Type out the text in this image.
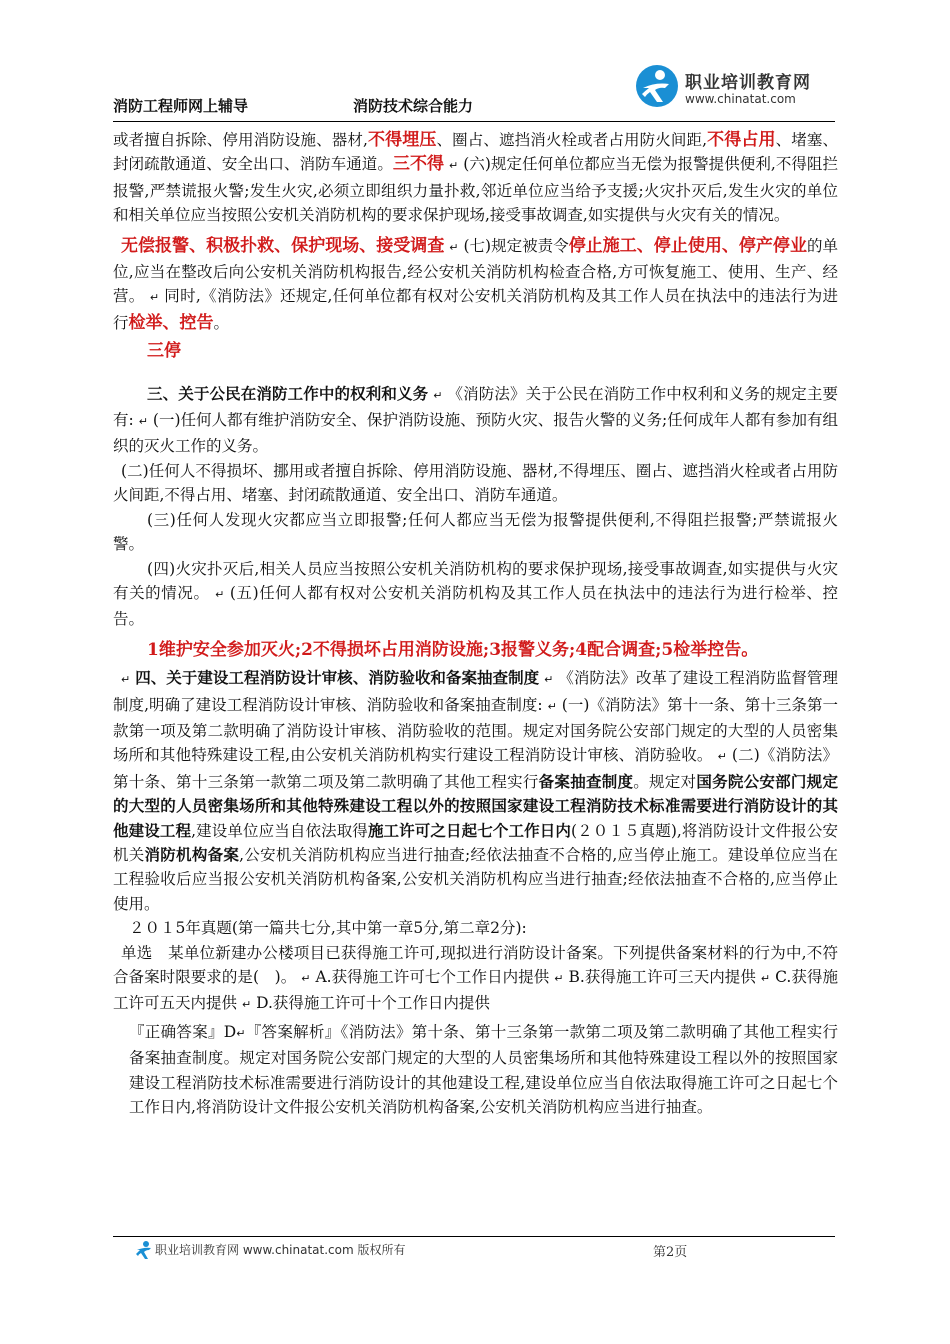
消防工程师网上辅导	消防技术综合能力
职业培训教育网
www.chinatat.com

或者擅自拆除、停用消防设施、器材,不得埋压、圈占、遮挡消火栓或者占用防火间距,不得占用、堵塞、封闭疏散通道、安全出口、消防车通道。三不得 ↵ (六)规定任何单位都应当无偿为报警提供便利,不得阻拦报警,严禁谎报火警;发生火灾,必须立即组织力量扑救,邻近单位应当给予支援;火灾扑灭后,发生火灾的单位和相关单位应当按照公安机关消防机构的要求保护现场,接受事故调查,如实提供与火灾有关的情况。

无偿报警、积极扑救、保护现场、接受调查 ↵ (七)规定被责令停止施工、停止使用、停产停业的单位,应当在整改后向公安机关消防机构报告,经公安机关消防机构检查合格,方可恢复施工、使用、生产、经营。 ↵ 同时,《消防法》还规定,任何单位都有权对公安机关消防机构及其工作人员在执法中的违法行为进行检举、控告。

三停

三、关于公民在消防工作中的权利和义务 ↵ 《消防法》关于公民在消防工作中权利和义务的规定主要有: ↵ (一)任何人都有维护消防安全、保护消防设施、预防火灾、报告火警的义务;任何成年人都有参加有组织的灭火工作的义务。

(二)任何人不得损坏、挪用或者擅自拆除、停用消防设施、器材,不得埋压、圈占、遮挡消火栓或者占用防火间距,不得占用、堵塞、封闭疏散通道、安全出口、消防车通道。

(三)任何人发现火灾都应当立即报警;任何人都应当无偿为报警提供便利,不得阻拦报警;严禁谎报火警。

(四)火灾扑灭后,相关人员应当按照公安机关消防机构的要求保护现场,接受事故调查,如实提供与火灾有关的情况。 ↵ (五)任何人都有权对公安机关消防机构及其工作人员在执法中的违法行为进行检举、控告。

1维护安全参加灭火;2不得损坏占用消防设施;3报警义务;4配合调查;5检举控告。

↵ 四、关于建设工程消防设计审核、消防验收和备案抽查制度 ↵ 《消防法》改革了建设工程消防监督管理制度,明确了建设工程消防设计审核、消防验收和备案抽查制度: ↵ (一)《消防法》第十一条、第十三条第一款第一项及第二款明确了消防设计审核、消防验收的范围。规定对国务院公安部门规定的大型的人员密集场所和其他特殊建设工程,由公安机关消防机构实行建设工程消防设计审核、消防验收。 ↵ (二)《消防法》第十条、第十三条第一款第二项及第二款明确了其他工程实行备案抽查制度。规定对国务院公安部门规定的大型的人员密集场所和其他特殊建设工程以外的按照国家建设工程消防技术标准需要进行消防设计的其他建设工程,建设单位应当自依法取得施工许可之日起七个工作日内(２０１５真题),将消防设计文件报公安机关消防机构备案,公安机关消防机构应当进行抽查;经依法抽查不合格的,应当停止施工。建设单位应当在工程验收后应当报公安机关消防机构备案,公安机关消防机构应当进行抽查;经依法抽查不合格的,应当停止使用。

２０１5年真题(第一篇共七分,其中第一章5分,第二章2分):

单选　某单位新建办公楼项目已获得施工许可,现拟进行消防设计备案。下列提供备案材料的行为中,不符合备案时限要求的是(　)。 ↵ A.获得施工许可七个工作日内提供 ↵ B.获得施工许可三天内提供 ↵ C.获得施工许可五天内提供 ↵ D.获得施工许可十个工作日内提供

『正确答案』D↵『答案解析』《消防法》第十条、第十三条第一款第二项及第二款明确了其他工程实行备案抽查制度。规定对国务院公安部门规定的大型的人员密集场所和其他特殊建设工程以外的按照国家建设工程消防技术标准需要进行消防设计的其他建设工程,建设单位应当自依法取得施工许可之日起七个工作日内,将消防设计文件报公安机关消防机构备案,公安机关消防机构应当进行抽查。

职业培训教育网 www.chinatat.com 版权所有	第2页
